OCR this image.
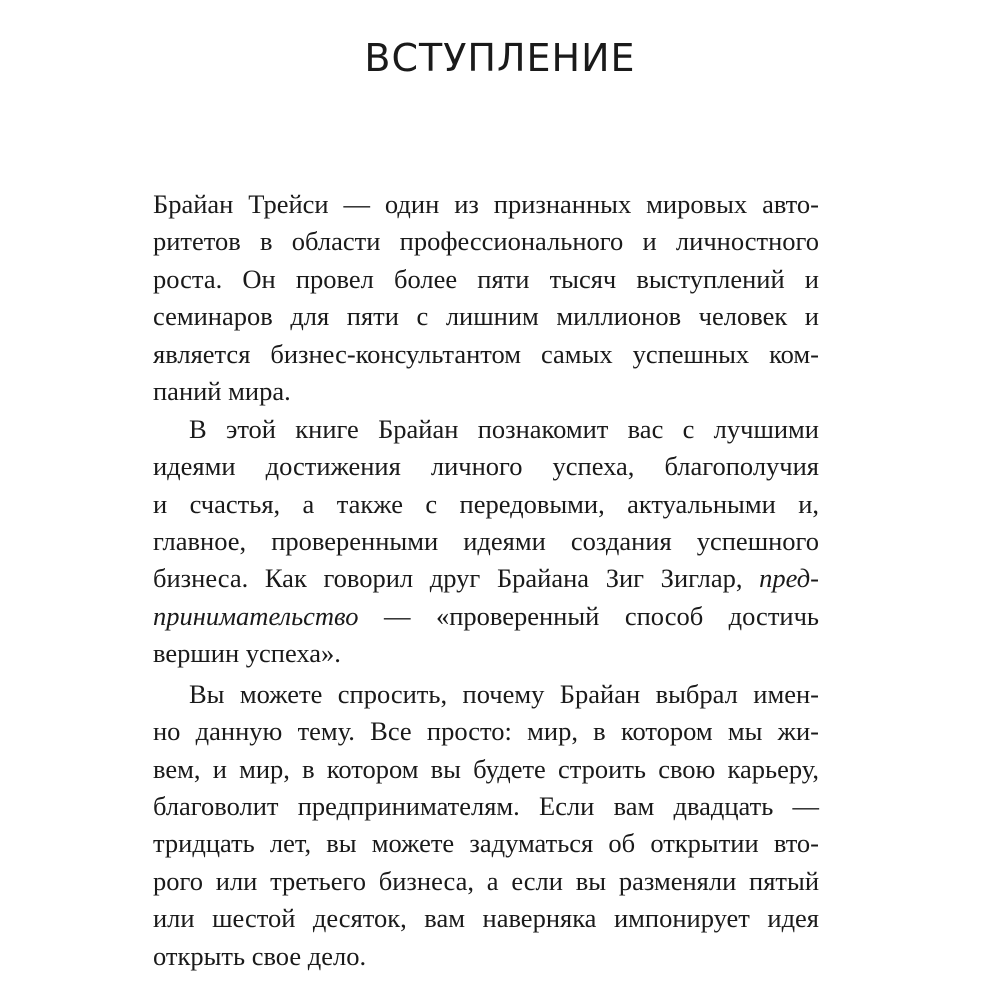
ВСТУПЛЕНИЕ
Брайан Трейси — один из признанных мировых авто-
ритетов в области профессионального и личностного
роста. Он провел более пяти тысяч выступлений и
семинаров для пяти с лишним миллионов человек и
является бизнес-консультантом самых успешных ком-
паний мира.
В этой книге Брайан познакомит вас с лучшими
идеями достижения личного успеха, благополучия
и счастья, а также с передовыми, актуальными и,
главное, проверенными идеями создания успешного
бизнеса. Как говорил друг Брайана Зиг Зиглар, пред-
принимательство — «проверенный способ достичь
вершин успеха».
Вы можете спросить, почему Брайан выбрал имен-
но данную тему. Все просто: мир, в котором мы жи-
вем, и мир, в котором вы будете строить свою карьеру,
благоволит предпринимателям. Если вам двадцать —
тридцать лет, вы можете задуматься об открытии вто-
рого или третьего бизнеса, а если вы разменяли пятый
или шестой десяток, вам наверняка импонирует идея
открыть свое дело.
